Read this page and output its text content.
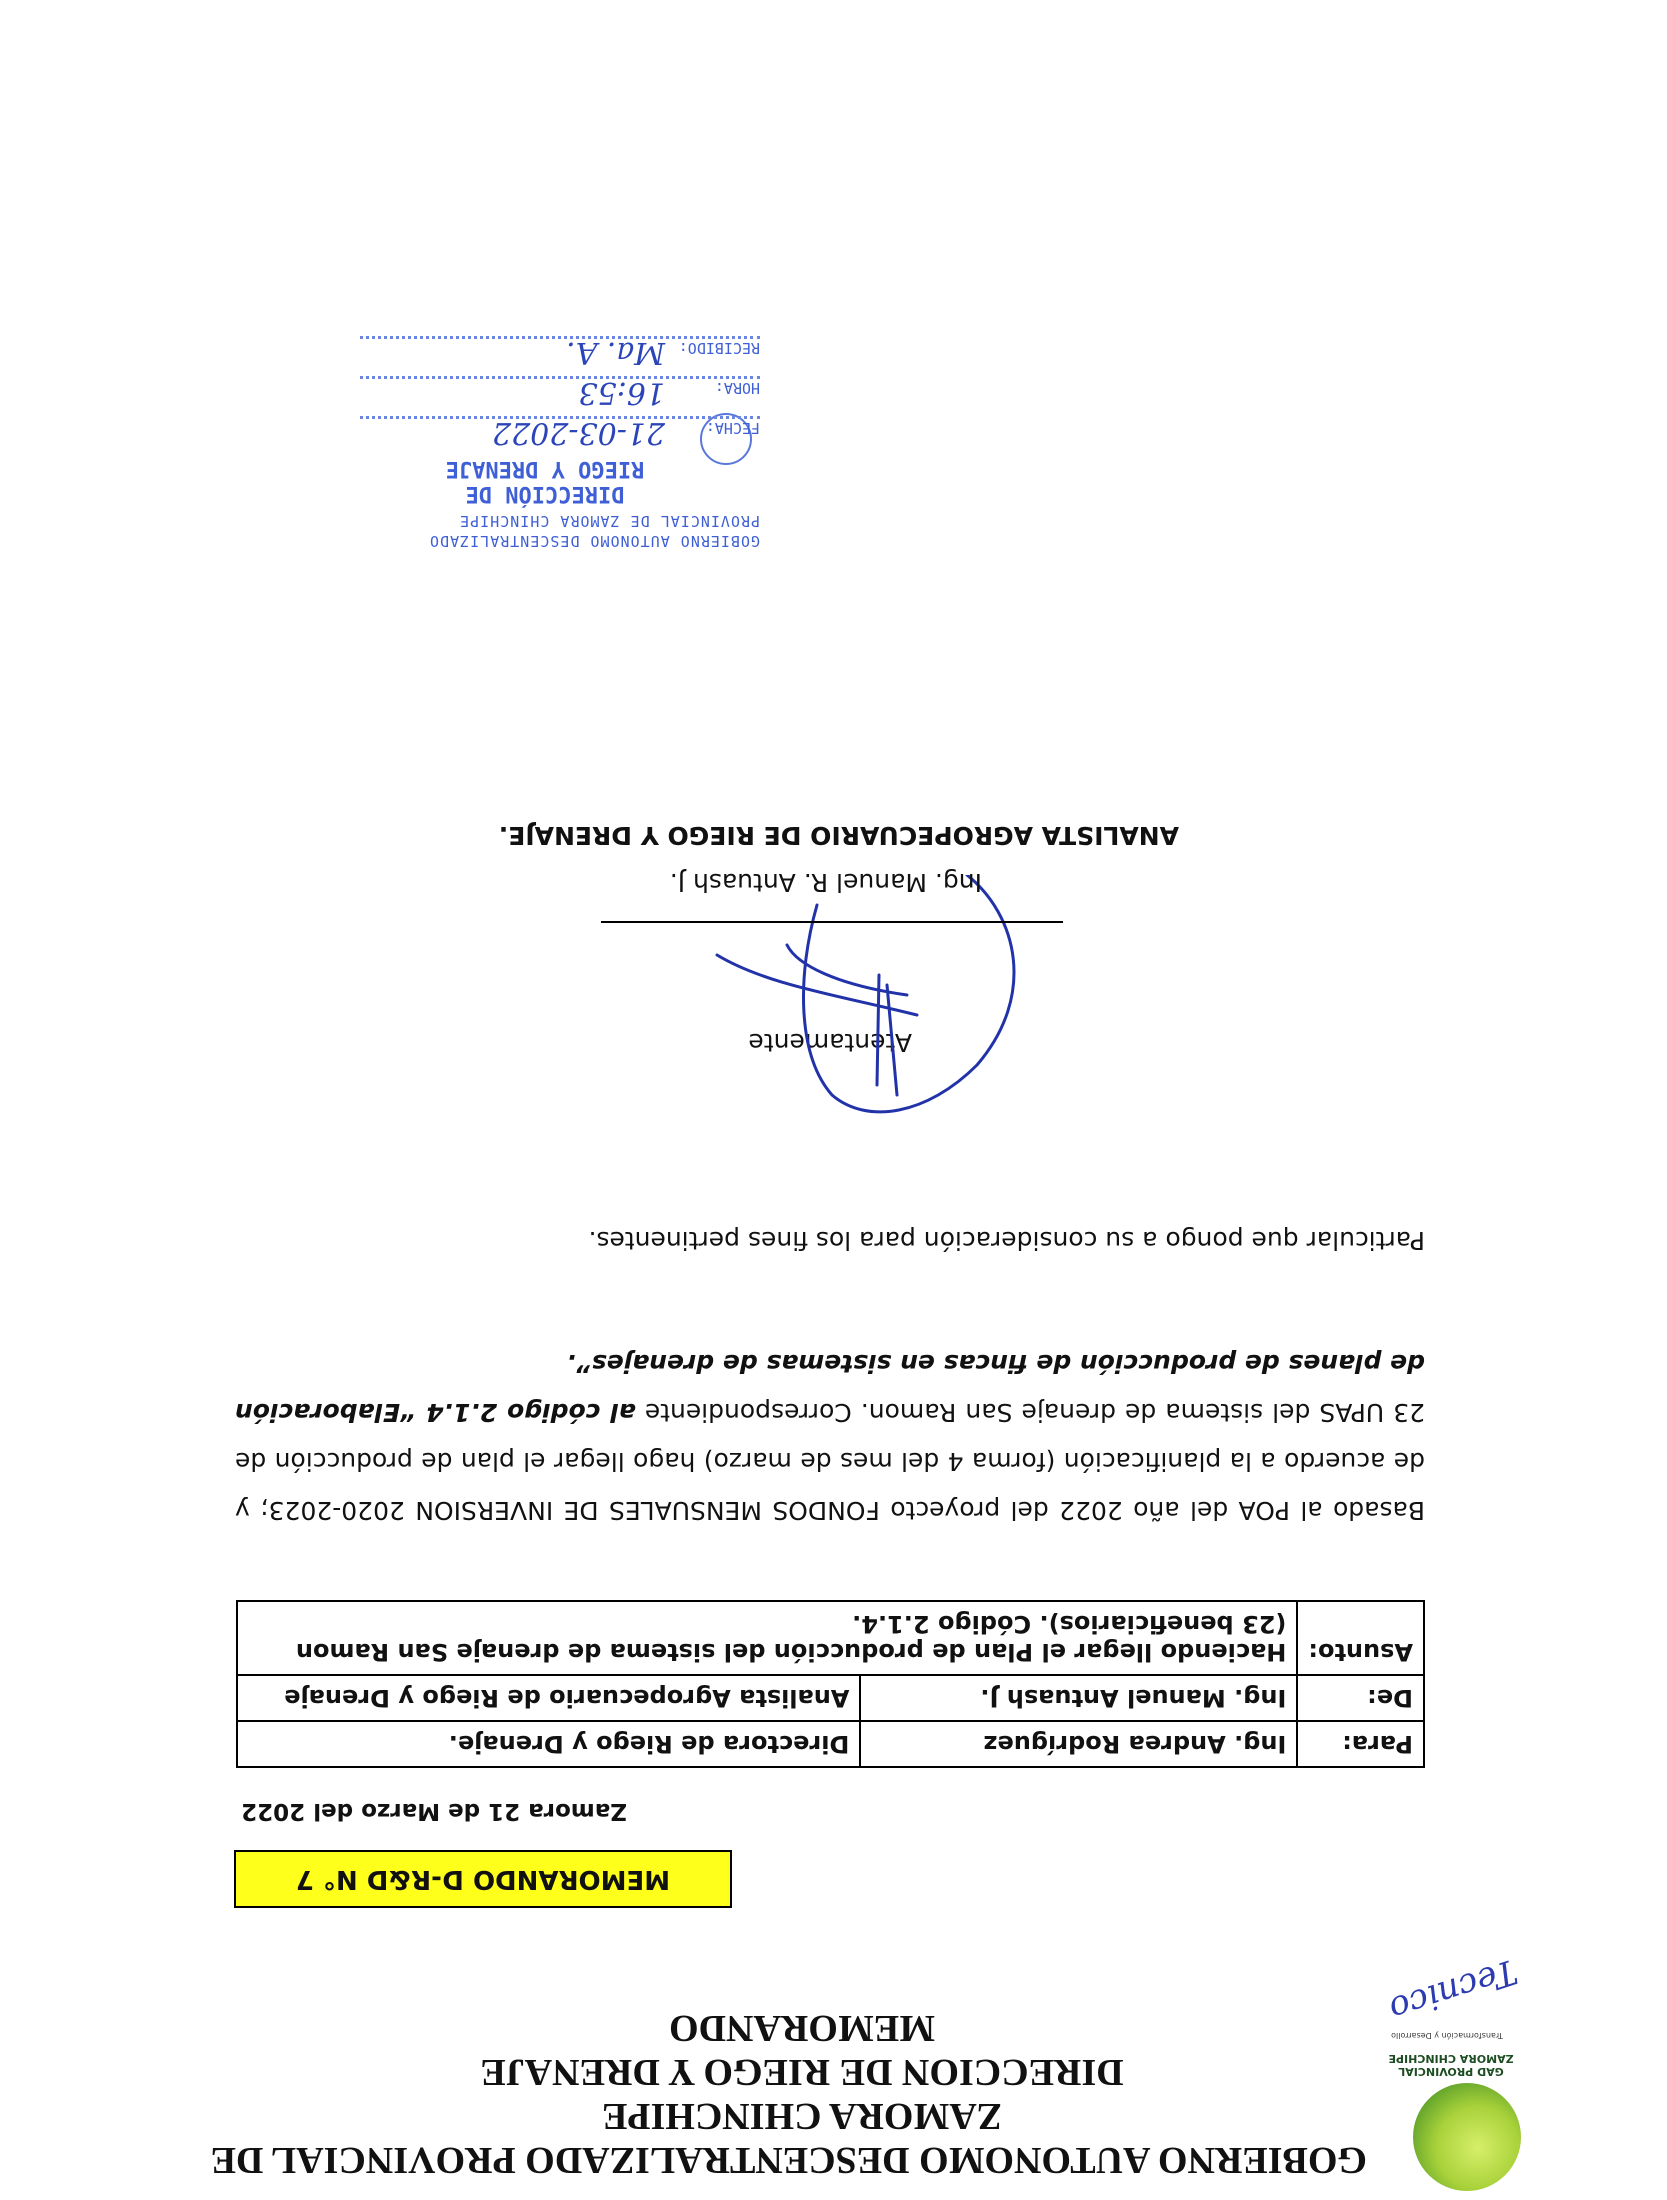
GAD PROVINCIAL
ZAMORA CHINCHIPE
Transformación y Desarrollo
Tecnico
GOBIERNO AUTONOMO DESCENTRALIZADO PROVINCIAL DE
ZAMORA CHINCHIPE
DIRECCION DE RIEGO Y DRENAJE
MEMORANDO
MEMORANDO D-R&D N° 7
Zamora 21 de Marzo del 2022
Para:	Ing. Andrea Rodríguez	Directora de Riego y Drenaje.
De:	Ing. Manuel Antuash J.	Analista Agropecuario de Riego y Drenaje
Asunto:	Haciendo llegar el Plan de producción del sistema de drenaje San Ramon (23 beneficiarios). Código 2.1.4.	
Basado al POA del año 2022 del proyecto FONDOS MENSUALES DE INVERSION 2020-2023; y de acuerdo a la planificación (forma 4 del mes de marzo) hago llegar el plan de producción de 23 UPAS del sistema de drenaje San Ramon. Correspondiente al código 2.1.4 “Elaboración de planes de producción de fincas en sistemas de drenajes”.
Particular que pongo a su consideración para los fines pertinentes.
Atentamente
Ing. Manuel R. Antuash J.
ANALISTA AGROPECUARIO DE RIEGO Y DRENAJE.
GOBIERNO AUTONOMO DESCENTRALIZADO
PROVINCIAL DE ZAMORA CHINCHIPE
DIRECCIÓN DE
RIEGO Y DRENAJE
FECHA:
21-03-2022
HORA:
16:53
RECIBIDO:
Ma. A.
